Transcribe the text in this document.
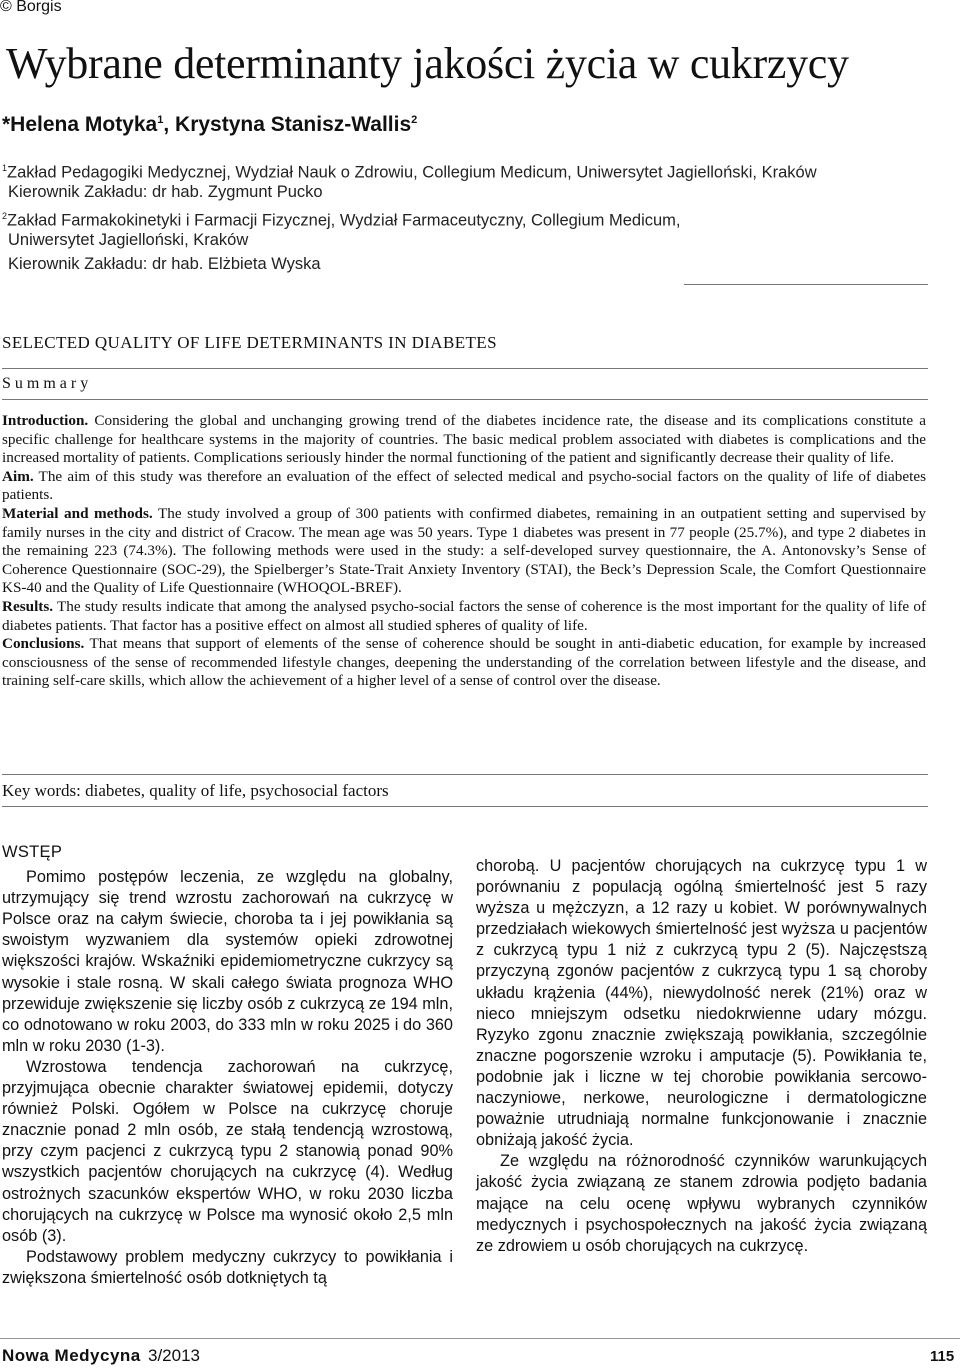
© Borgis
Wybrane determinanty jakości życia w cukrzycy
*Helena Motyka$^1$, Krystyna Stanisz-Wallis$^2$
$^1$Zakład Pedagogiki Medycznej, Wydział Nauk o Zdrowiu, Collegium Medicum, Uniwersytet Jagielloński, Kraków
Kierownik Zakładu: dr hab. Zygmunt Pucko
$^2$Zakład Farmakokinetyki i Farmacji Fizycznej, Wydział Farmaceutyczny, Collegium Medicum,
Uniwersytet Jagielloński, Kraków
Kierownik Zakładu: dr hab. Elżbieta Wyska
SELECTED QUALITY OF LIFE DETERMINANTS IN DIABETES
Summary

Introduction. Considering the global and unchanging growing trend of the diabetes incidence rate, the disease and its complications constitute a specific challenge for healthcare systems in the majority of countries. The basic medical problem associated with diabetes is complications and the increased mortality of patients. Complications seriously hinder the normal functioning of the patient and significantly decrease their quality of life.

Aim. The aim of this study was therefore an evaluation of the effect of selected medical and psycho-social factors on the quality of life of diabetes patients.

Material and methods. The study involved a group of 300 patients with confirmed diabetes, remaining in an outpatient setting and supervised by family nurses in the city and district of Cracow. The mean age was 50 years. Type 1 diabetes was present in 77 people (25.7%), and type 2 diabetes in the remaining 223 (74.3%). The following methods were used in the study: a self-developed survey questionnaire, the A. Antonovsky’s Sense of Coherence Questionnaire (SOC-29), the Spielberger’s State-Trait Anxiety Inventory (STAI), the Beck’s Depression Scale, the Comfort Questionnaire KS-40 and the Quality of Life Questionnaire (WHOQOL-BREF).

Results. The study results indicate that among the analysed psycho-social factors the sense of coherence is the most important for the quality of life of diabetes patients. That factor has a positive effect on almost all studied spheres of quality of life.

Conclusions. That means that support of elements of the sense of coherence should be sought in anti-diabetic education, for example by increased consciousness of the sense of recommended lifestyle changes, deepening the understanding of the correlation between lifestyle and the disease, and training self-care skills, which allow the achievement of a higher level of a sense of control over the disease.

Key words: diabetes, quality of life, psychosocial factors
WSTĘP

Pomimo postępów leczenia, ze względu na globalny, utrzymujący się trend wzrostu zachorowań na cukrzycę w Polsce oraz na całym świecie, choroba ta i jej powikłania są swoistym wyzwaniem dla systemów opieki zdrowotnej większości krajów. Wskaźniki epidemiometryczne cukrzycy są wysokie i stale rosną. W skali całego świata prognoza WHO przewiduje zwiększenie się liczby osób z cukrzycą ze 194 mln, co odnotowano w roku 2003, do 333 mln w roku 2025 i do 360 mln w roku 2030 (1-3).

Wzrostowa tendencja zachorowań na cukrzycę, przyjmująca obecnie charakter światowej epidemii, dotyczy również Polski. Ogółem w Polsce na cukrzycę choruje znacznie ponad 2 mln osób, ze stałą tendencją wzrostową, przy czym pacjenci z cukrzycą typu 2 stanowią ponad 90% wszystkich pacjentów chorujących na cukrzycę (4). Według ostrożnych szacunków ekspertów WHO, w roku 2030 liczba chorujących na cukrzycę w Polsce ma wynosić około 2,5 mln osób (3).

Podstawowy problem medyczny cukrzycy to powikłania i zwiększona śmiertelność osób dotkniętych tą

chorobą. U pacjentów chorujących na cukrzycę typu 1 w porównaniu z populacją ogólną śmiertelność jest 5 razy wyższa u mężczyzn, a 12 razy u kobiet. W porównywalnych przedziałach wiekowych śmiertelność jest wyższa u pacjentów z cukrzycą typu 1 niż z cukrzycą typu 2 (5). Najczęstszą przyczyną zgonów pacjentów z cukrzycą typu 1 są choroby układu krążenia (44%), niewydolność nerek (21%) oraz w nieco mniejszym odsetku niedokrwienne udary mózgu. Ryzyko zgonu znacznie zwiększają powikłania, szczególnie znaczne pogorszenie wzroku i amputacje (5). Powikłania te, podobnie jak i liczne w tej chorobie powikłania sercowo-naczyniowe, nerkowe, neurologiczne i dermatologiczne poważnie utrudniają normalne funkcjonowanie i znacznie obniżają jakość życia.

Ze względu na różnorodność czynników warunkujących jakość życia związaną ze stanem zdrowia podjęto badania mające na celu ocenę wpływu wybranych czynników medycznych i psychospołecznych na jakość życia związaną ze zdrowiem u osób chorujących na cukrzycę.

Nowa Medycyna 3/2013	115
